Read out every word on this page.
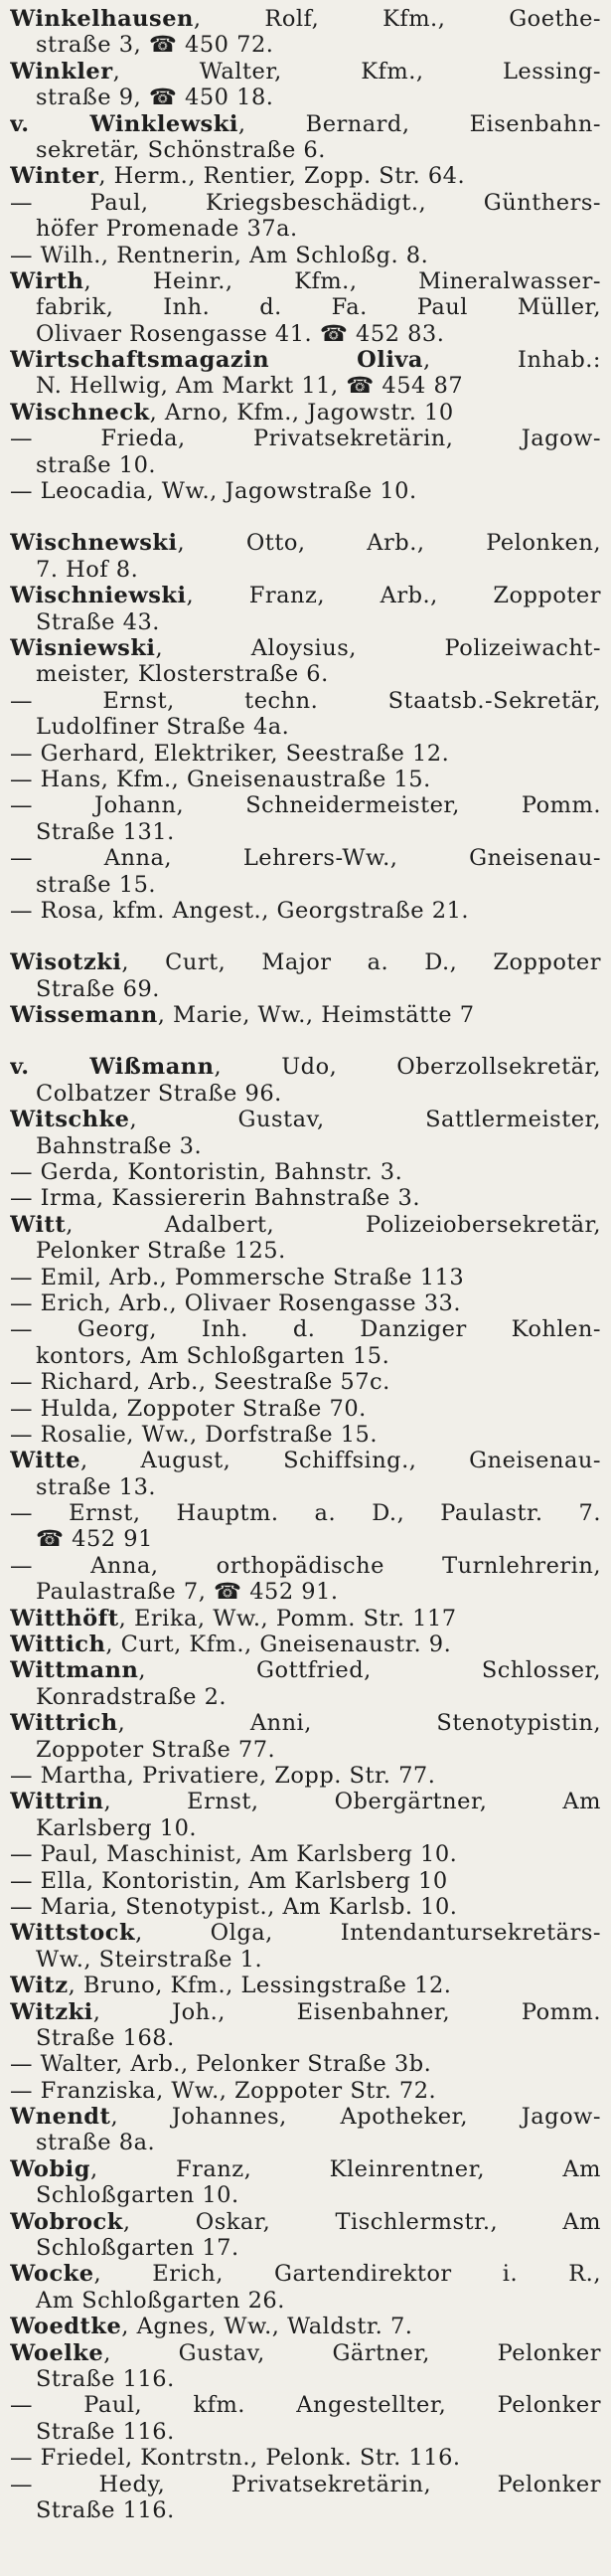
Winkelhausen, Rolf, Kfm., Goethe-
straße 3, ☎ 450 72.
Winkler, Walter, Kfm., Lessing-
straße 9, ☎ 450 18.
v. Winklewski, Bernard, Eisenbahn-
sekretär, Schönstraße 6.
Winter, Herm., Rentier, Zopp. Str. 64.
— Paul, Kriegsbeschädigt., Günthers-
höfer Promenade 37a.
— Wilh., Rentnerin, Am Schloßg. 8.
Wirth, Heinr., Kfm., Mineralwasser-
fabrik, Inh. d. Fa. Paul Müller,
Olivaer Rosengasse 41. ☎ 452 83.
Wirtschaftsmagazin Oliva, Inhab.:
N. Hellwig, Am Markt 11, ☎ 454 87
Wischneck, Arno, Kfm., Jagowstr. 10
— Frieda, Privatsekretärin, Jagow-
straße 10.
— Leocadia, Ww., Jagowstraße 10.
Wischnewski, Otto, Arb., Pelonken,
7. Hof 8.
Wischniewski, Franz, Arb., Zoppoter
Straße 43.
Wisniewski, Aloysius, Polizeiwacht-
meister, Klosterstraße 6.
— Ernst, techn. Staatsb.-Sekretär,
Ludolfiner Straße 4a.
— Gerhard, Elektriker, Seestraße 12.
— Hans, Kfm., Gneisenaustraße 15.
— Johann, Schneidermeister, Pomm.
Straße 131.
— Anna, Lehrers-Ww., Gneisenau-
straße 15.
— Rosa, kfm. Angest., Georgstraße 21.
Wisotzki, Curt, Major a. D., Zoppoter
Straße 69.
Wissemann, Marie, Ww., Heimstätte 7
v. Wißmann, Udo, Oberzollsekretär,
Colbatzer Straße 96.
Witschke, Gustav, Sattlermeister,
Bahnstraße 3.
— Gerda, Kontoristin, Bahnstr. 3.
— Irma, Kassiererin Bahnstraße 3.
Witt, Adalbert, Polizeiobersekretär,
Pelonker Straße 125.
— Emil, Arb., Pommersche Straße 113
— Erich, Arb., Olivaer Rosengasse 33.
— Georg, Inh. d. Danziger Kohlen-
kontors, Am Schloßgarten 15.
— Richard, Arb., Seestraße 57c.
— Hulda, Zoppoter Straße 70.
— Rosalie, Ww., Dorfstraße 15.
Witte, August, Schiffsing., Gneisenau-
straße 13.
— Ernst, Hauptm. a. D., Paulastr. 7.
☎ 452 91
— Anna, orthopädische Turnlehrerin,
Paulastraße 7, ☎ 452 91.
Witthöft, Erika, Ww., Pomm. Str. 117
Wittich, Curt, Kfm., Gneisenaustr. 9.
Wittmann, Gottfried, Schlosser,
Konradstraße 2.
Wittrich, Anni, Stenotypistin,
Zoppoter Straße 77.
— Martha, Privatiere, Zopp. Str. 77.
Wittrin, Ernst, Obergärtner, Am
Karlsberg 10.
— Paul, Maschinist, Am Karlsberg 10.
— Ella, Kontoristin, Am Karlsberg 10
— Maria, Stenotypist., Am Karlsb. 10.
Wittstock, Olga, Intendantursekretärs-
Ww., Steirstraße 1.
Witz, Bruno, Kfm., Lessingstraße 12.
Witzki, Joh., Eisenbahner, Pomm.
Straße 168.
— Walter, Arb., Pelonker Straße 3b.
— Franziska, Ww., Zoppoter Str. 72.
Wnendt, Johannes, Apotheker, Jagow-
straße 8a.
Wobig, Franz, Kleinrentner, Am
Schloßgarten 10.
Wobrock, Oskar, Tischlermstr., Am
Schloßgarten 17.
Wocke, Erich, Gartendirektor i. R.,
Am Schloßgarten 26.
Woedtke, Agnes, Ww., Waldstr. 7.
Woelke, Gustav, Gärtner, Pelonker
Straße 116.
— Paul, kfm. Angestellter, Pelonker
Straße 116.
— Friedel, Kontrstn., Pelonk. Str. 116.
— Hedy, Privatsekretärin, Pelonker
Straße 116.
